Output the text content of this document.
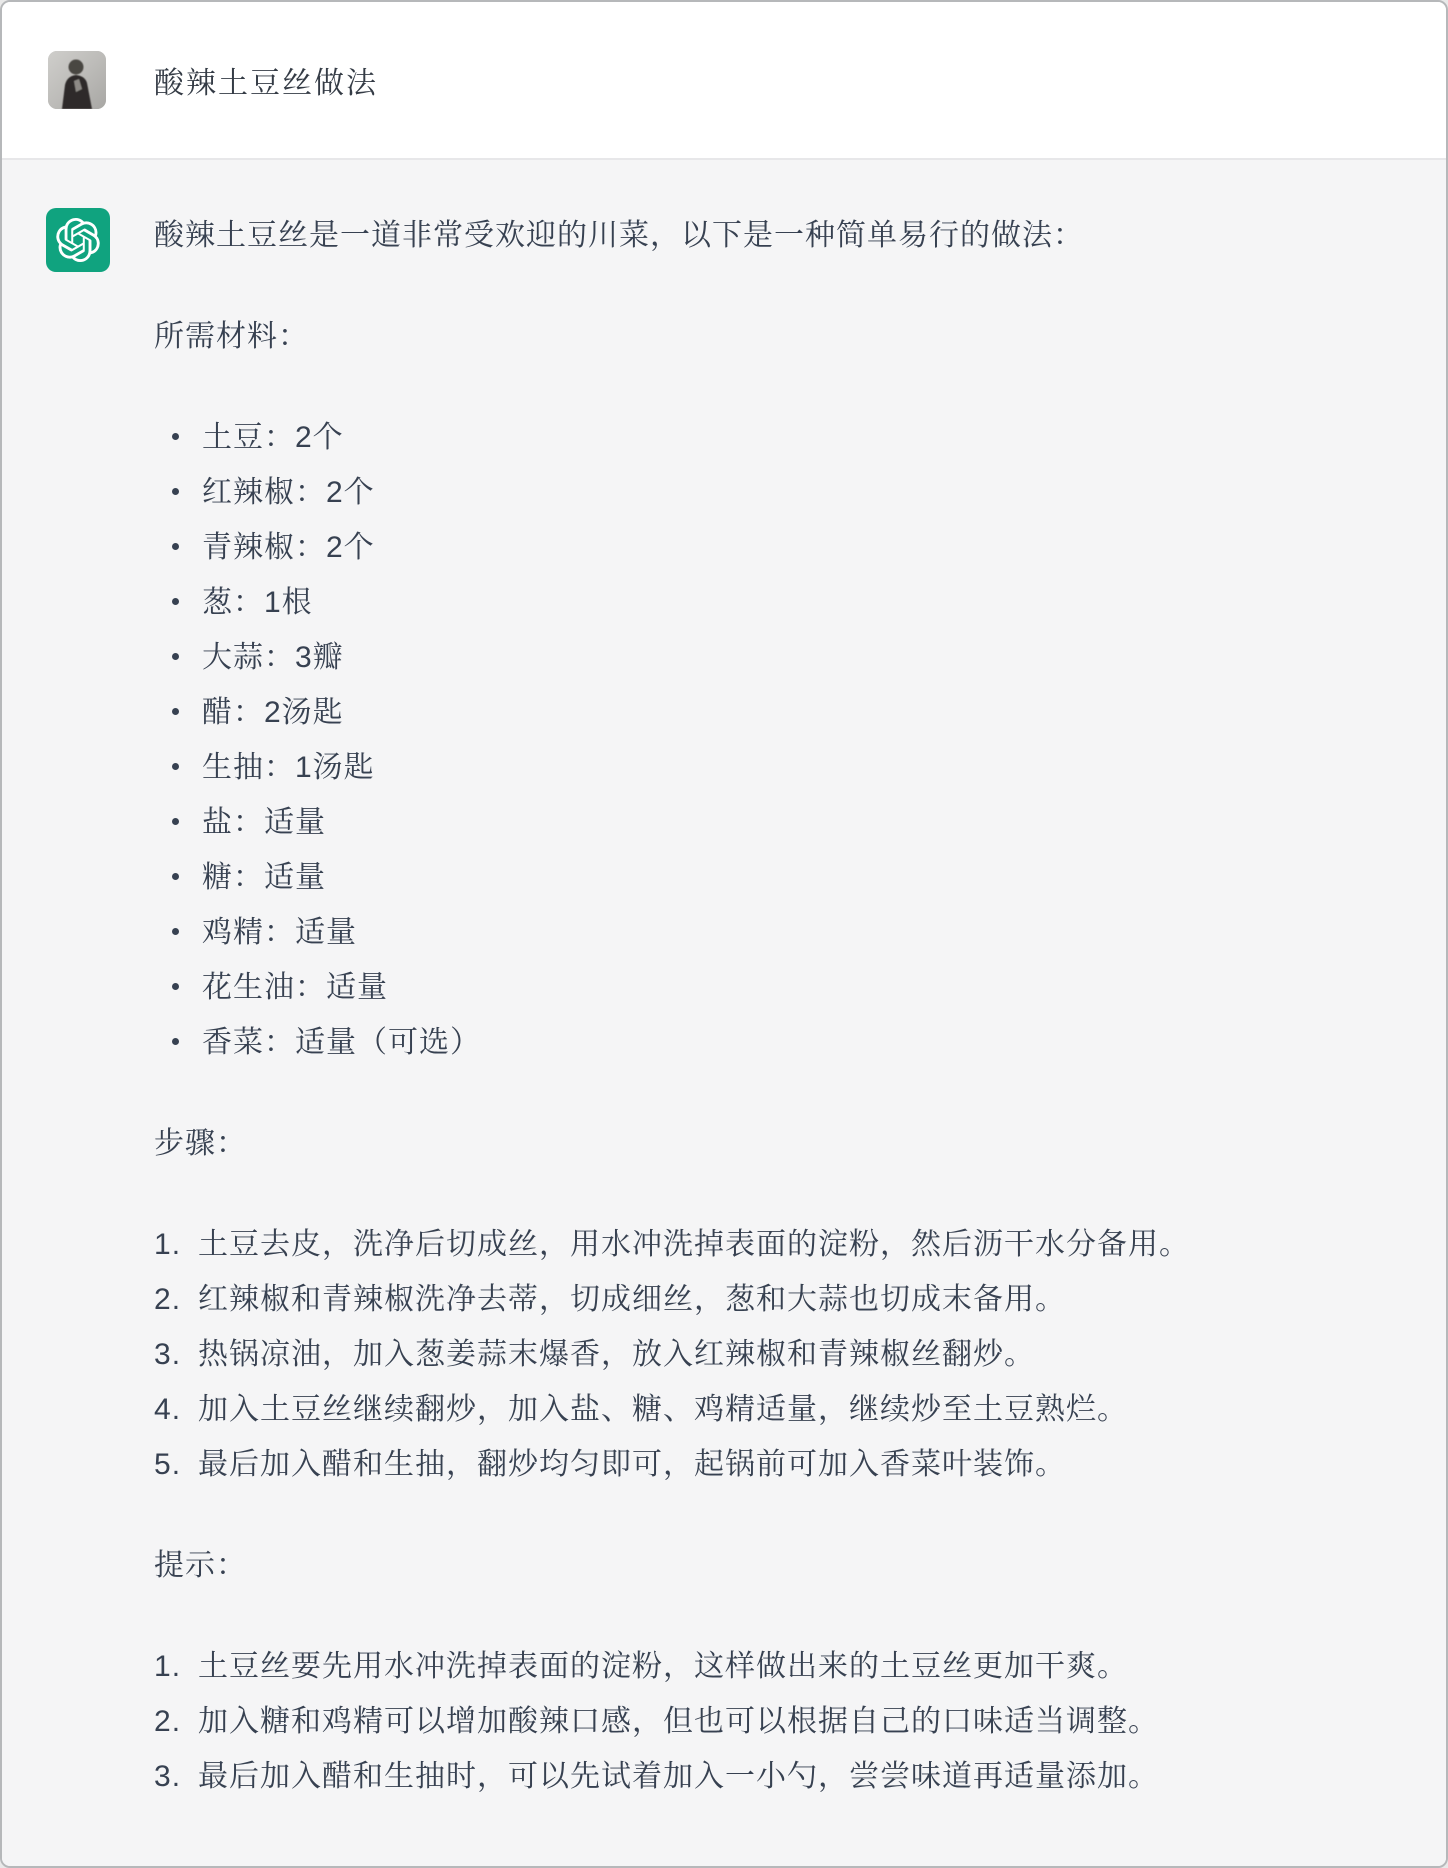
酸辣土豆丝做法

酸辣土豆丝是一道非常受欢迎的川菜，以下是一种简单易行的做法：

所需材料：

土豆：2个
红辣椒：2个
青辣椒：2个
葱：1根
大蒜：3瓣
醋：2汤匙
生抽：1汤匙
盐：适量
糖：适量
鸡精：适量
花生油：适量
香菜：适量（可选）

步骤：

土豆去皮，洗净后切成丝，用水冲洗掉表面的淀粉，然后沥干水分备用。
红辣椒和青辣椒洗净去蒂，切成细丝，葱和大蒜也切成末备用。
热锅凉油，加入葱姜蒜末爆香，放入红辣椒和青辣椒丝翻炒。
加入土豆丝继续翻炒，加入盐、糖、鸡精适量，继续炒至土豆熟烂。
最后加入醋和生抽，翻炒均匀即可，起锅前可加入香菜叶装饰。

提示：

土豆丝要先用水冲洗掉表面的淀粉，这样做出来的土豆丝更加干爽。
加入糖和鸡精可以增加酸辣口感，但也可以根据自己的口味适当调整。
最后加入醋和生抽时，可以先试着加入一小勺，尝尝味道再适量添加。
